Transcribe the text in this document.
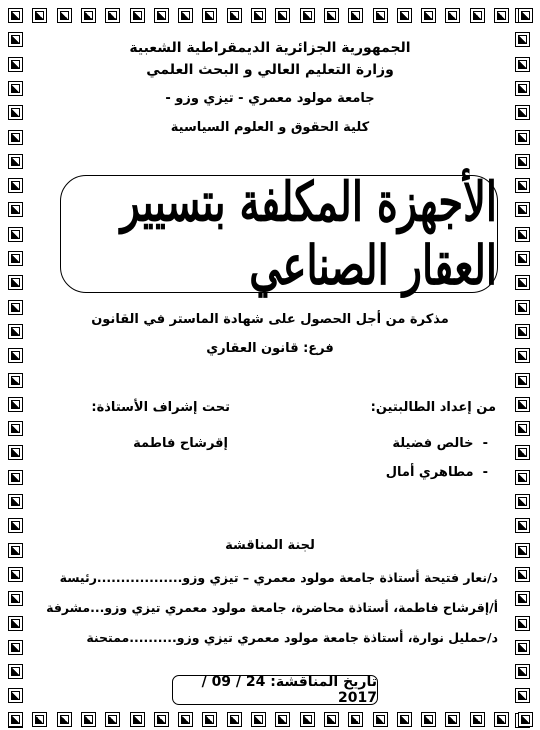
الجمهورية الجزائرية الديمقراطية الشعبية
وزارة التعليم العالي و البحث العلمي
جامعة مولود معمري - تيزي وزو -
كلية الحقوق و العلوم السياسية
الأجهزة المكلفة بتسيير العقار الصناعي
مذكرة من أجل الحصول على شهادة الماستر في القانون
فرع: قانون العقاري
من إعداد الطالبتين:
تحت إشراف الأستاذة:
-  خالص فضيلة
-  مطاهري أمال
إقرشاح فاطمة
لجنة المناقشة
د/نعار فتيحة أستاذة جامعة مولود معمري – تيزي وزو..................رئيسة
أ/إقرشاح فاطمة، أستاذة محاضرة، جامعة مولود معمري تيزي وزو...مشرفة
د/حمليل نوارة، أستاذة جامعة مولود معمري تيزي وزو..........ممتحنة
تاريخ المناقشة: 24 / 09 / 2017
